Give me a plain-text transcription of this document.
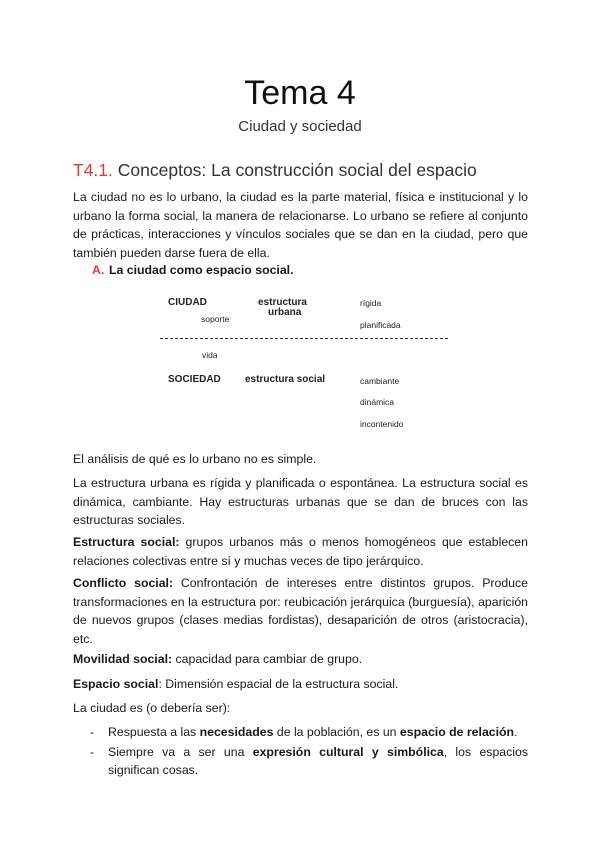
Tema 4
Ciudad y sociedad
T4.1. Conceptos: La construcción social del espacio

La ciudad no es lo urbano, la ciudad es la parte material, física e institucional y lo urbano la forma social, la manera de relacionarse. Lo urbano se refiere al conjunto de prácticas, interacciones y vínculos sociales que se dan en la ciudad, pero que también pueden darse fuera de ella.

A. La ciudad como espacio social.
CIUDAD
soporte
estructura
urbana
rígida
planificada
vida
SOCIEDAD estructura social	cambiante
dinámica
incontenido

El análisis de qué es lo urbano no es simple.

La estructura urbana es rígida y planificada o espontánea. La estructura social es dinámica, cambiante. Hay estructuras urbanas que se dan de bruces con las estructuras sociales.

Estructura social: grupos urbanos más o menos homogéneos que establecen relaciones colectivas entre sí y muchas veces de tipo jerárquico.

Conflicto social: Confrontación de intereses entre distintos grupos. Produce transformaciones en la estructura por: reubicación jerárquica (burguesía), aparición de nuevos grupos (clases medias fordistas), desaparición de otros (aristocracia), etc.

Movilidad social: capacidad para cambiar de grupo.

Espacio social: Dimensión espacial de la estructura social.

La ciudad es (o debería ser):

- Respuesta a las necesidades de la población, es un espacio de relación.
- Siempre va a ser una expresión cultural y simbólica, los espacios significan cosas.
